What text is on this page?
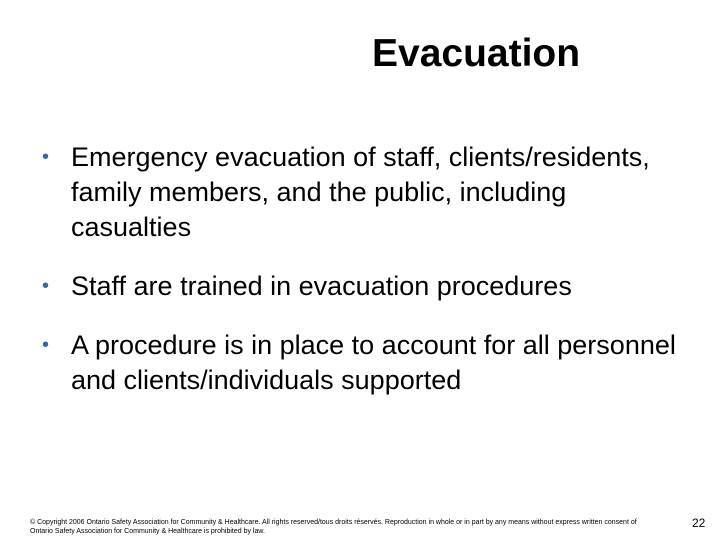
Evacuation
• Emergency evacuation of staff, clients/residents, family members, and the public, including casualties
• Staff are trained in evacuation procedures
• A procedure is in place to account for all personnel and clients/individuals supported
© Copyright 2006 Ontario Safety Association for Community & Healthcare. All rights reserved/tous droits réservés. Reproduction in whole or in part by any means without express written consent of Ontario Safety Association for Community & Healthcare is prohibited by law.
22
